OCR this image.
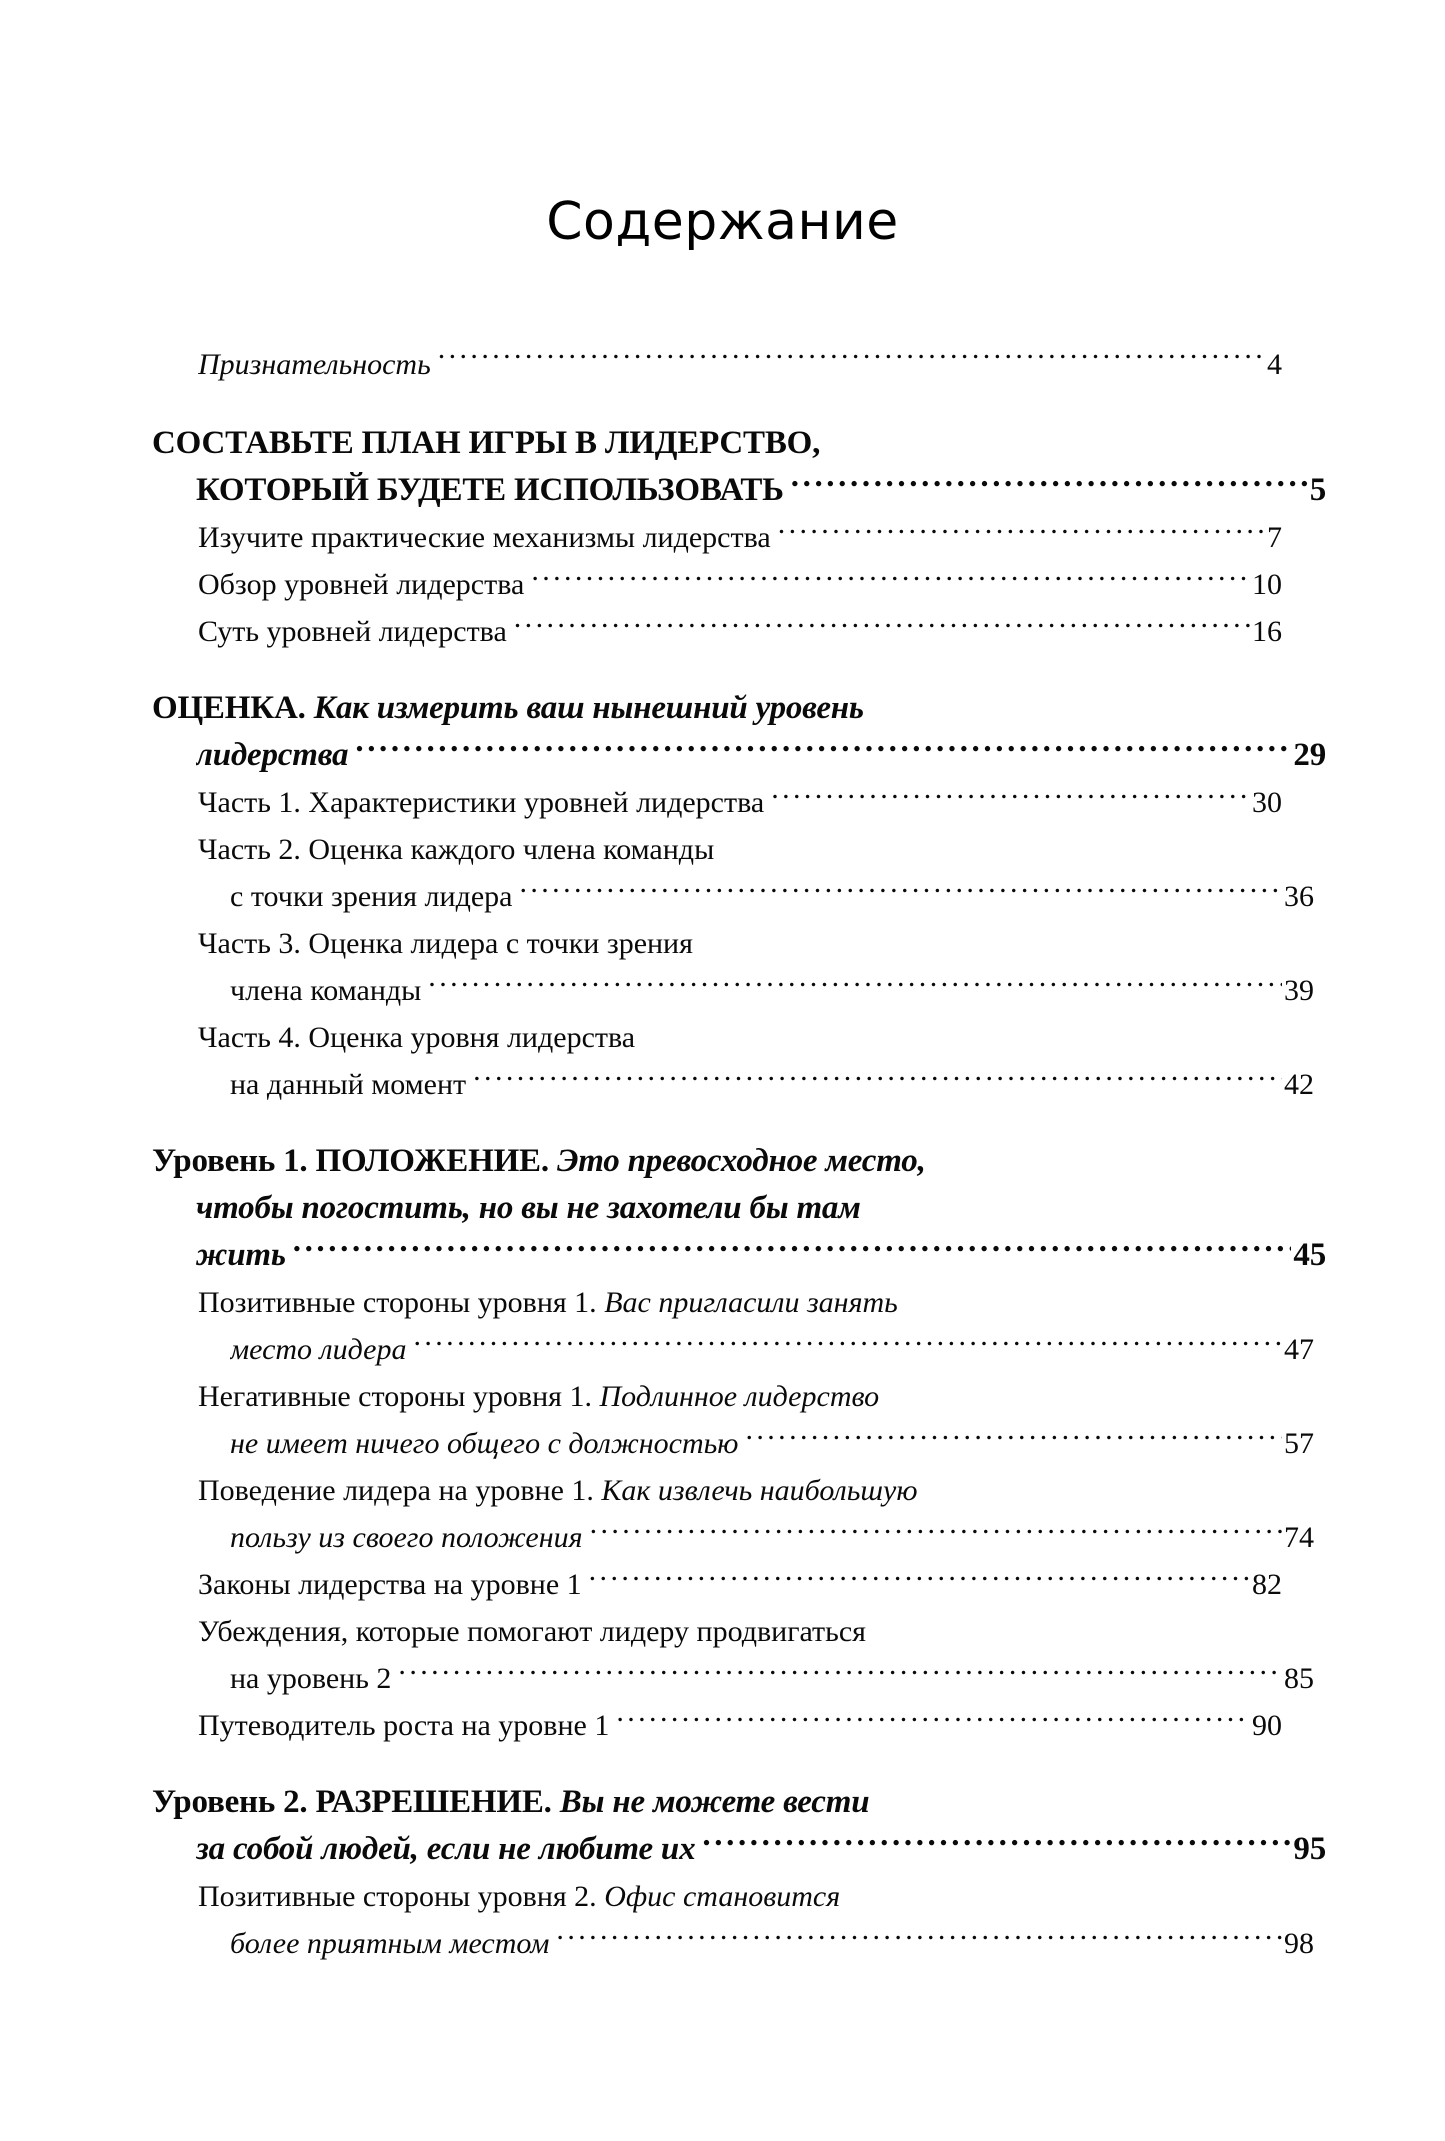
Содержание
Признательность .....	4
СОСТАВЬТЕ ПЛАН ИГРЫ В ЛИДЕРСТВО,
КОТОРЫЙ БУДЕТЕ ИСПОЛЬЗОВАТЬ .....	5
Изучите практические механизмы лидерства .....	7
Обзор уровней лидерства .....	10
Суть уровней лидерства .....	16
ОЦЕНКА. Как измерить ваш нынешний уровень
лидерства .....	29
Часть 1. Характеристики уровней лидерства .....	30
Часть 2. Оценка каждого члена команды
с точки зрения лидера .....	36
Часть 3. Оценка лидера с точки зрения
члена команды .....	39
Часть 4. Оценка уровня лидерства
на данный момент .....	42
Уровень 1. ПОЛОЖЕНИЕ. Это превосходное место,
чтобы погостить, но вы не захотели бы там
жить .....	45
Позитивные стороны уровня 1. Вас пригласили занять
место лидера .....	47
Негативные стороны уровня 1. Подлинное лидерство
не имеет ничего общего с должностью .....	57
Поведение лидера на уровне 1. Как извлечь наибольшую
пользу из своего положения .....	74
Законы лидерства на уровне 1 .....	82
Убеждения, которые помогают лидеру продвигаться
на уровень 2 .....	85
Путеводитель роста на уровне 1 .....	90
Уровень 2. РАЗРЕШЕНИЕ. Вы не можете вести
за собой людей, если не любите их .....	95
Позитивные стороны уровня 2. Офис становится
более приятным местом .....	98
